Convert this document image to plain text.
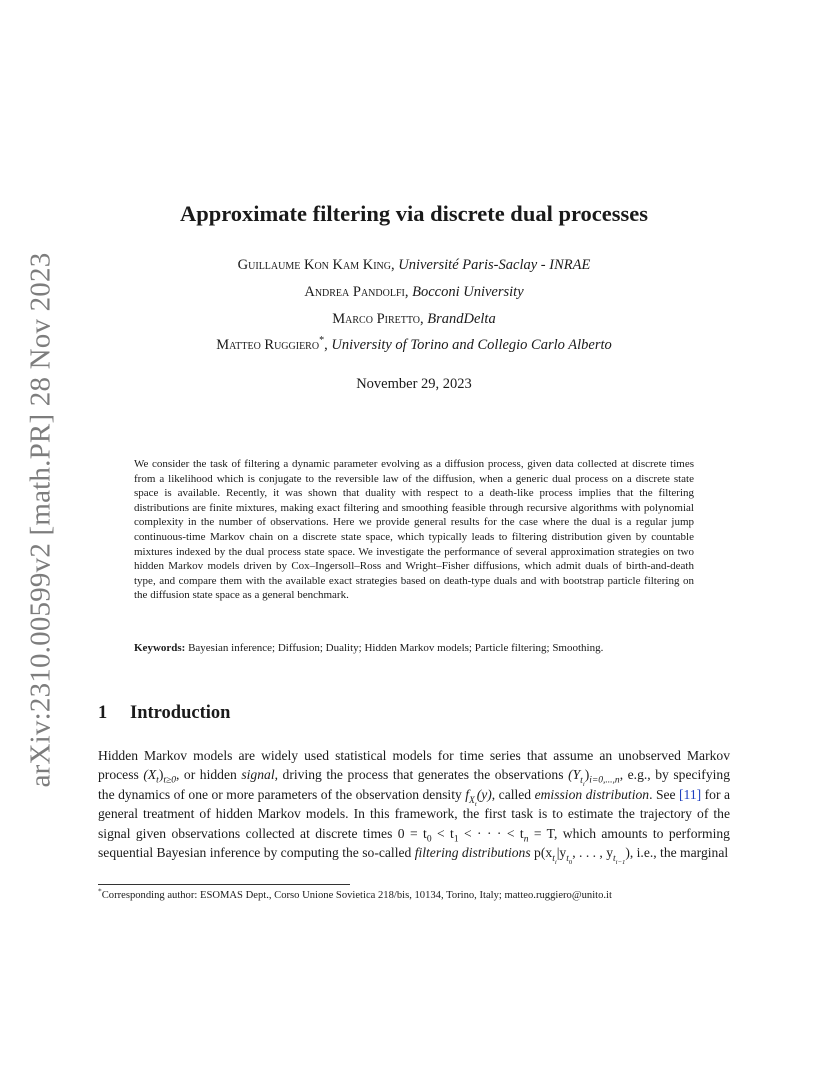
arXiv:2310.00599v2 [math.PR] 28 Nov 2023
Approximate filtering via discrete dual processes
Guillaume Kon Kam King, Université Paris-Saclay - INRAE
Andrea Pandolfi, Bocconi University
Marco Piretto, BrandDelta
Matteo Ruggiero*, University of Torino and Collegio Carlo Alberto
November 29, 2023
We consider the task of filtering a dynamic parameter evolving as a diffusion process, given data collected at discrete times from a likelihood which is conjugate to the reversible law of the diffusion, when a generic dual process on a discrete state space is available. Recently, it was shown that duality with respect to a death-like process implies that the filtering distributions are finite mixtures, making exact filtering and smoothing feasible through recursive algorithms with polynomial complexity in the number of observations. Here we provide general results for the case where the dual is a regular jump continuous-time Markov chain on a discrete state space, which typically leads to filtering distribution given by countable mixtures indexed by the dual process state space. We investigate the performance of several approximation strategies on two hidden Markov models driven by Cox–Ingersoll–Ross and Wright–Fisher diffusions, which admit duals of birth-and-death type, and compare them with the available exact strategies based on death-type duals and with bootstrap particle filtering on the diffusion state space as a general benchmark.
Keywords: Bayesian inference; Diffusion; Duality; Hidden Markov models; Particle filtering; Smoothing.
1 Introduction
Hidden Markov models are widely used statistical models for time series that assume an unobserved Markov process $(X_t)_{t\ge 0}$, or hidden signal, driving the process that generates the observations $(Y_{t_i})_{i=0,...,n}$, e.g., by specifying the dynamics of one or more parameters of the observation density $f_{X_t}(y)$, called emission distribution. See [11] for a general treatment of hidden Markov models. In this framework, the first task is to estimate the trajectory of the signal given observations collected at discrete times $0 = t_0 < t_1$ < · · · < $t_n = T$, which amounts to performing sequential Bayesian inference by computing the so-called filtering distributions $p(x_{t_i}|y_{t_0}$, . . . , $y_{t_{i-1}}$), i.e., the marginal
*Corresponding author: ESOMAS Dept., Corso Unione Sovietica 218/bis, 10134, Torino, Italy; matteo.ruggiero@unito.it
